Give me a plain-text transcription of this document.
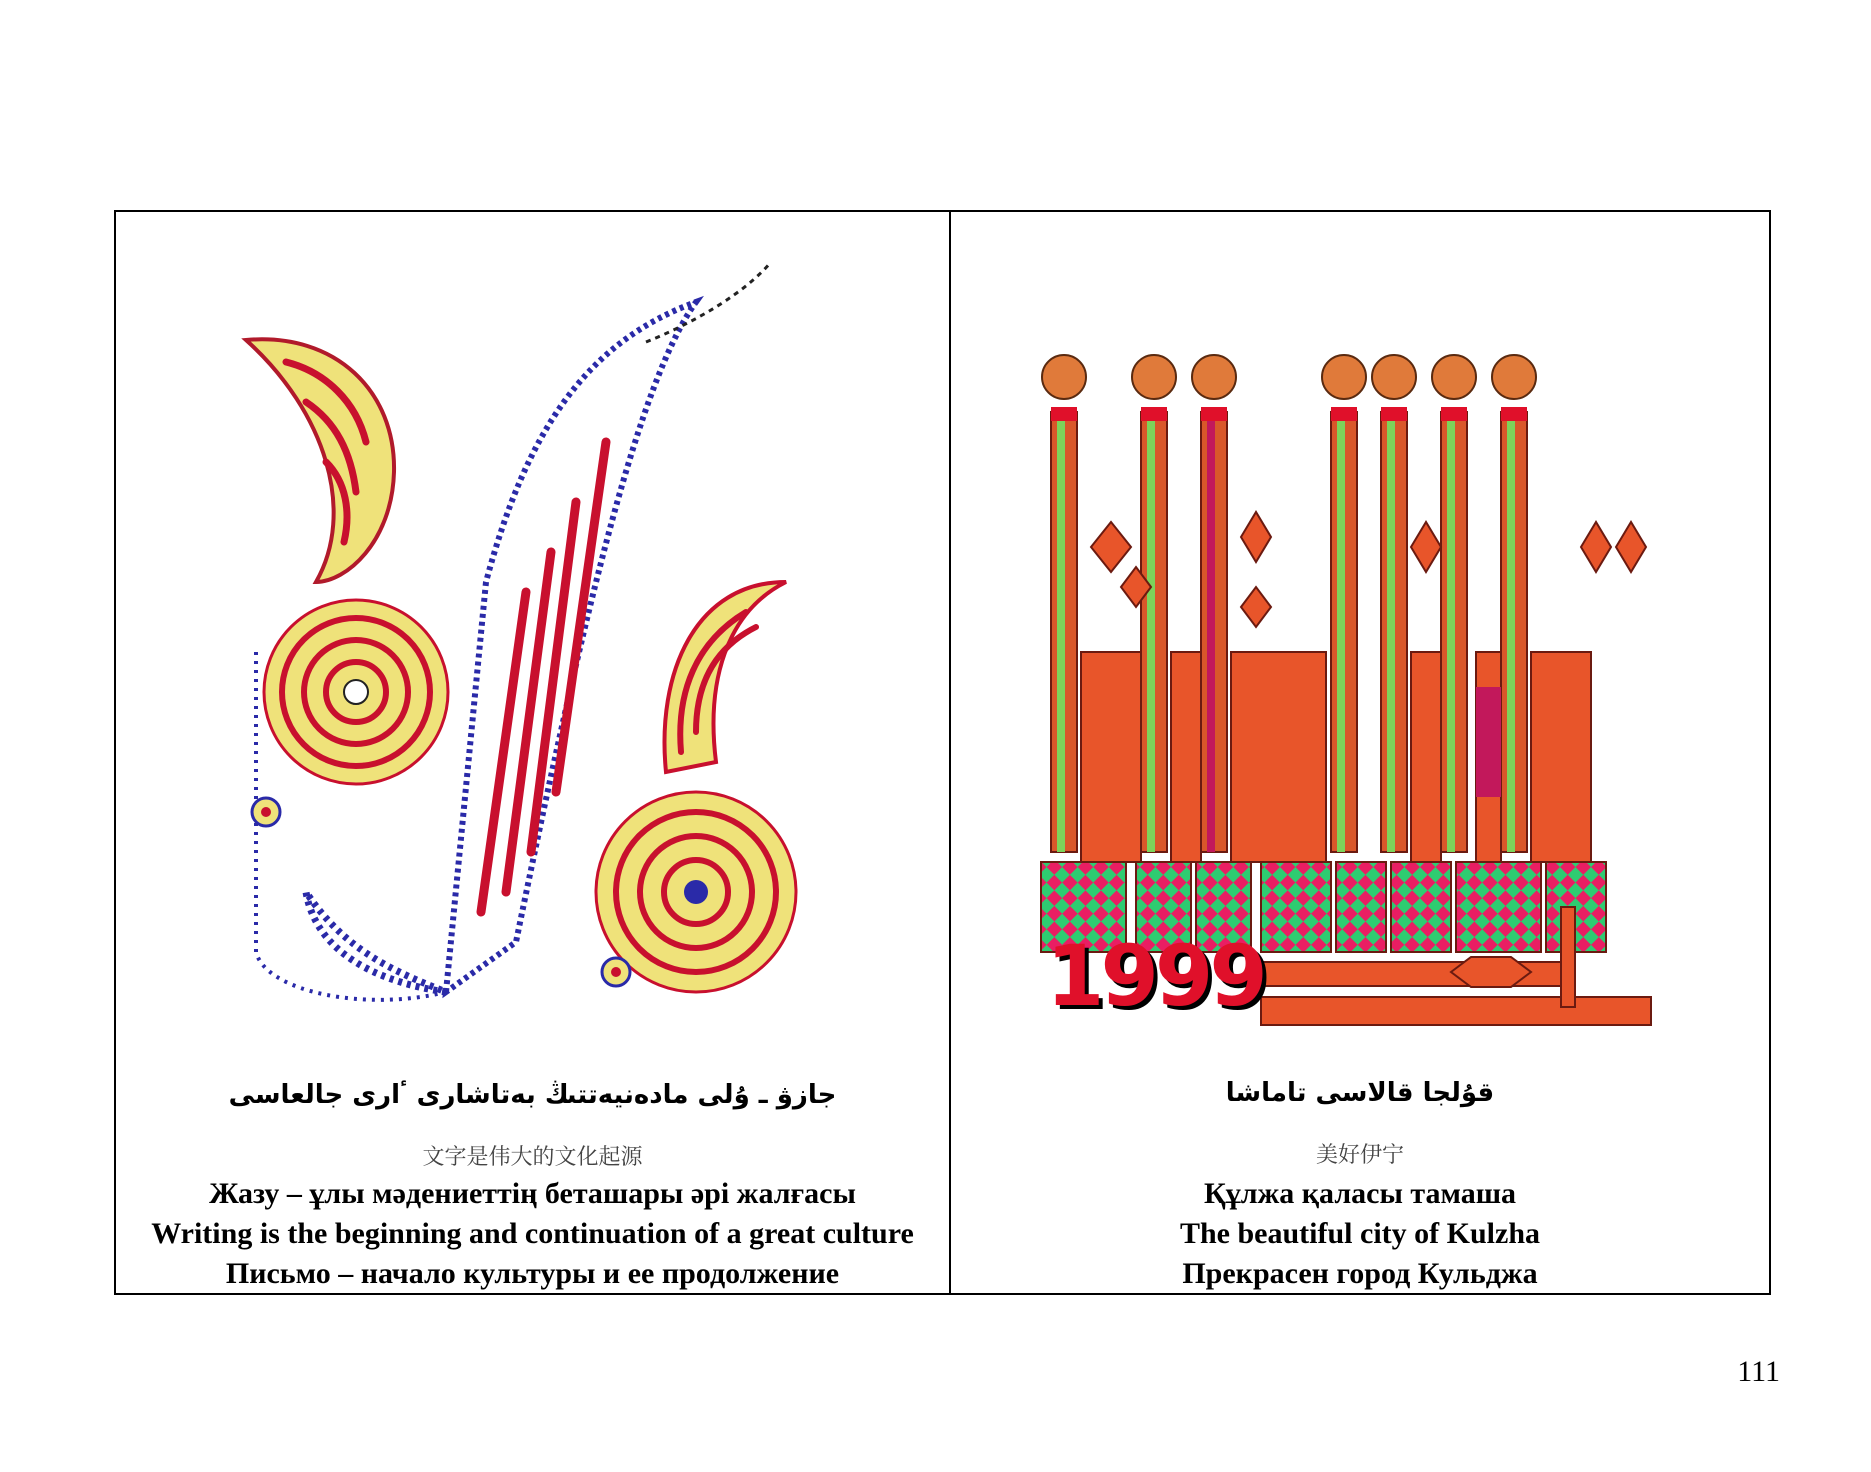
جازۋ ـ ۇلى مادەنيەتتىڭ بەتاشارى ٴارى جالعاسى
文字是伟大的文化起源
Жазу – ұлы мәдениеттің беташары әрі жалғасы
Writing is the beginning and continuation of a great culture
Письмо – начало культуры и ее продолжение
1999
قۇلجا قالاسى تاماشا
美好伊宁
Құлжа қаласы тамаша
The beautiful city of Kulzha
Прекрасен город Кульджа
111
